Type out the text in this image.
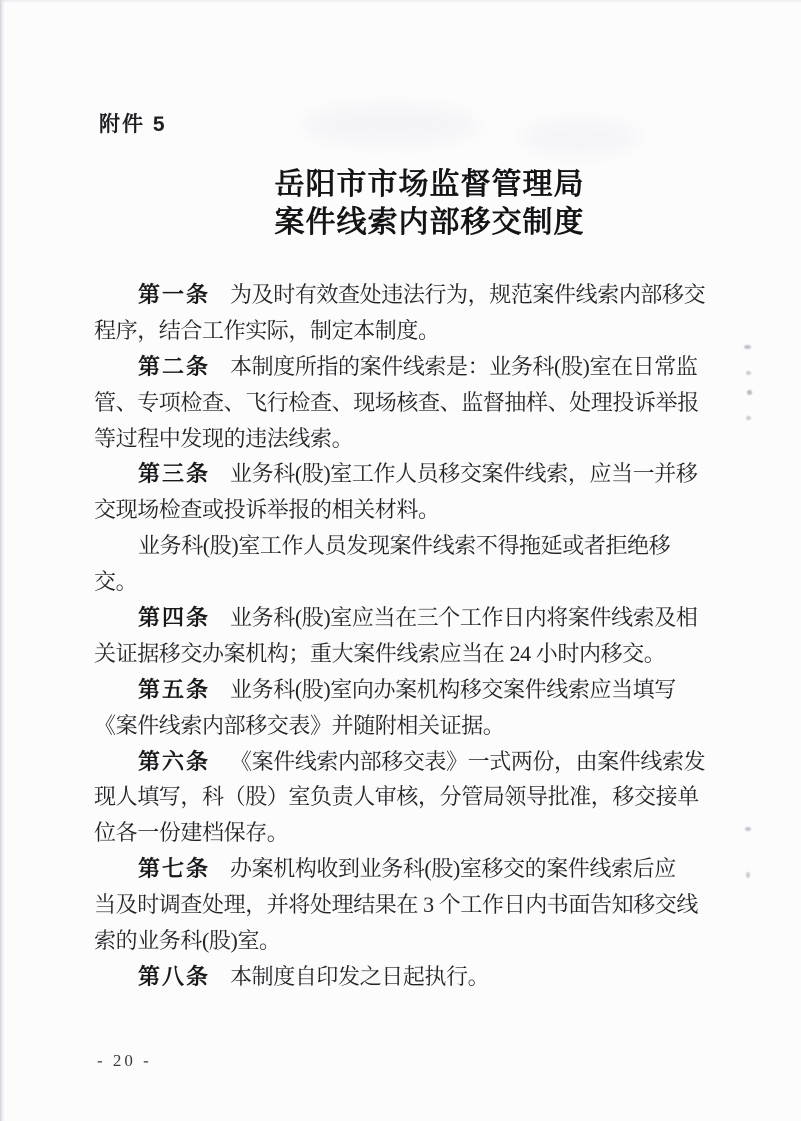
附件 5
岳阳市市场监督管理局
案件线索内部移交制度
第一条 为及时有效查处违法行为，规范案件线索内部移交
程序，结合工作实际，制定本制度。
第二条 本制度所指的案件线索是：业务科(股)室在日常监
管、专项检查、飞行检查、现场核查、监督抽样、处理投诉举报
等过程中发现的违法线索。
第三条 业务科(股)室工作人员移交案件线索，应当一并移
交现场检查或投诉举报的相关材料。
业务科(股)室工作人员发现案件线索不得拖延或者拒绝移
交。
第四条 业务科(股)室应当在三个工作日内将案件线索及相
关证据移交办案机构；重大案件线索应当在 24 小时内移交。
第五条 业务科(股)室向办案机构移交案件线索应当填写
《案件线索内部移交表》并随附相关证据。
第六条 《案件线索内部移交表》一式两份，由案件线索发
现人填写，科（股）室负责人审核，分管局领导批准，移交接单
位各一份建档保存。
第七条 办案机构收到业务科(股)室移交的案件线索后应
当及时调查处理，并将处理结果在 3 个工作日内书面告知移交线
索的业务科(股)室。
第八条 本制度自印发之日起执行。
- 20 -
